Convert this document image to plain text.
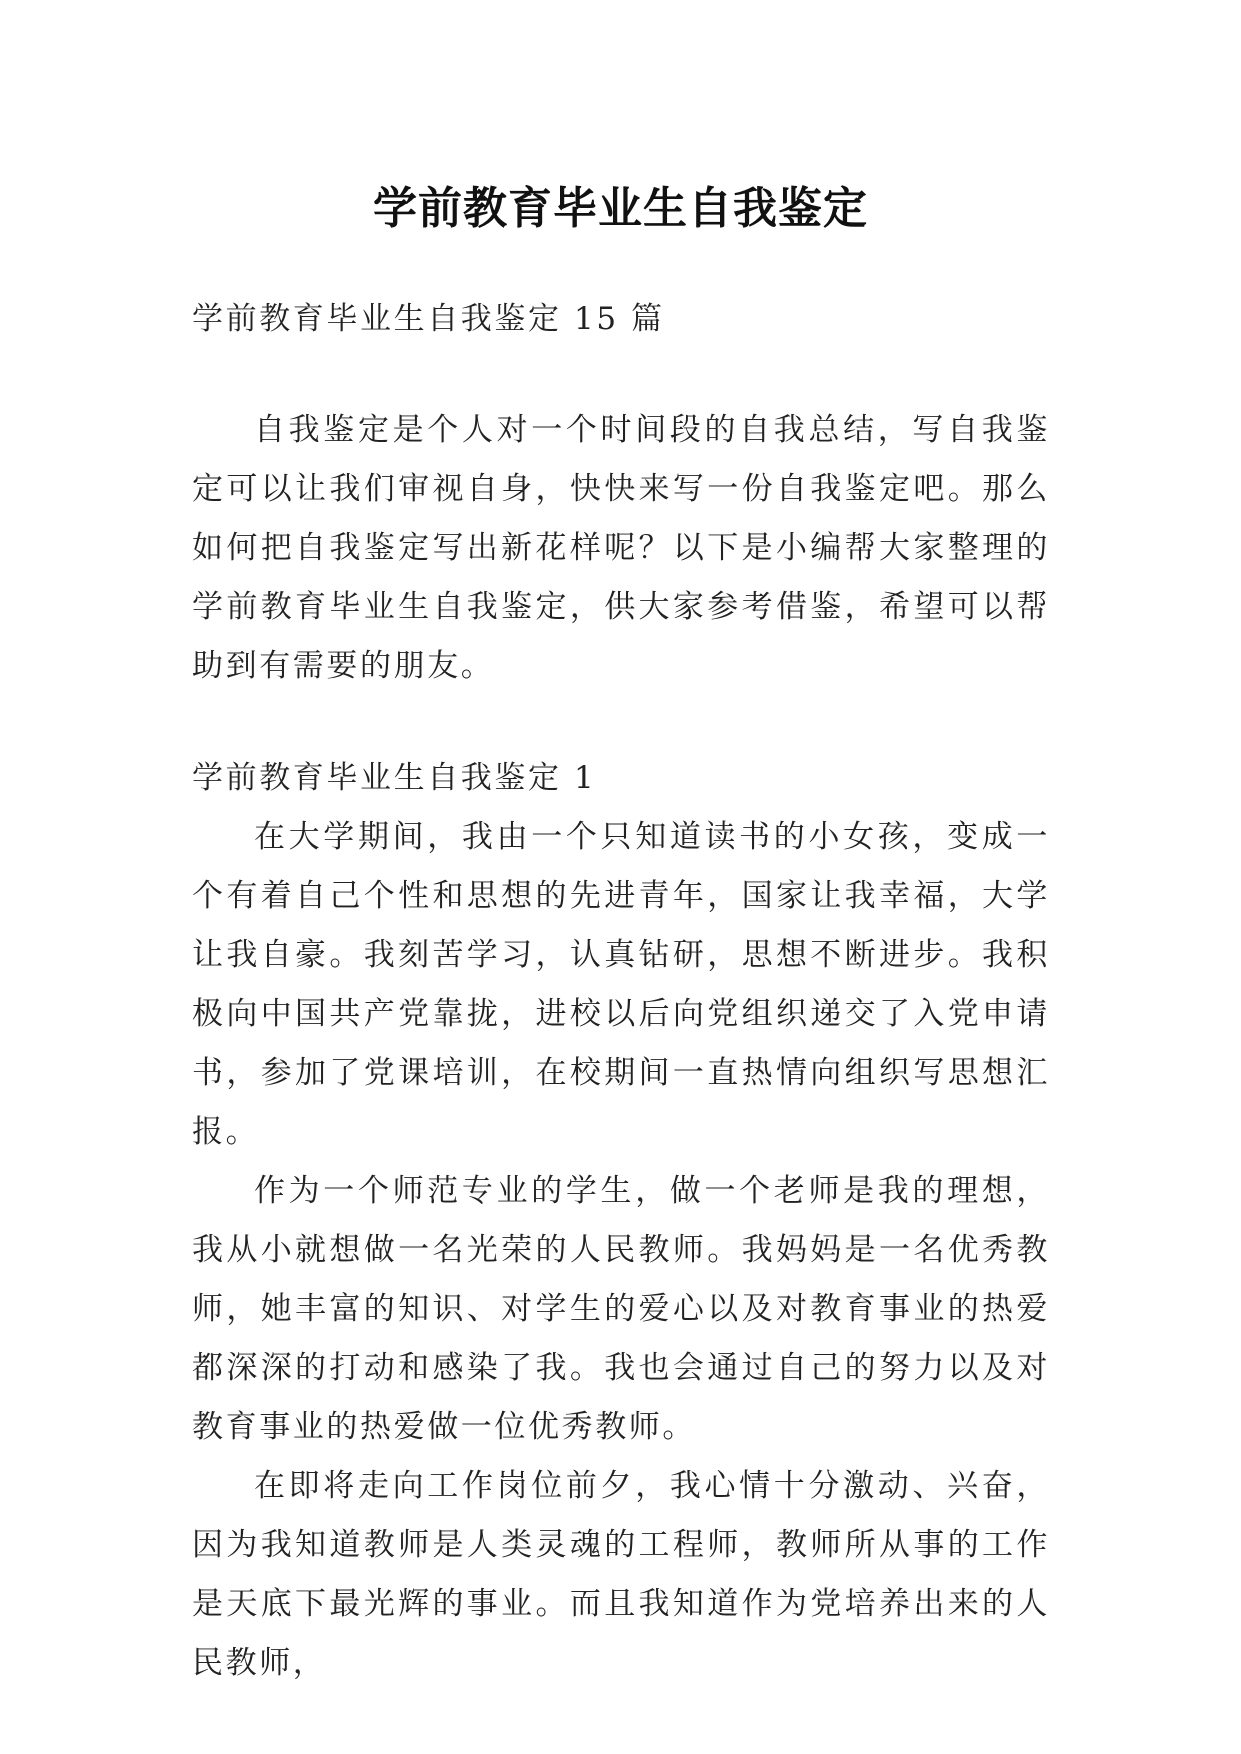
学前教育毕业生自我鉴定

学前教育毕业生自我鉴定 15 篇

自我鉴定是个人对一个时间段的自我总结，写自我鉴定可以让我们审视自身，快快来写一份自我鉴定吧。那么如何把自我鉴定写出新花样呢？以下是小编帮大家整理的学前教育毕业生自我鉴定，供大家参考借鉴，希望可以帮助到有需要的朋友。

学前教育毕业生自我鉴定 1

在大学期间，我由一个只知道读书的小女孩，变成一个有着自己个性和思想的先进青年，国家让我幸福，大学让我自豪。我刻苦学习，认真钻研，思想不断进步。我积极向中国共产党靠拢，进校以后向党组织递交了入党申请书，参加了党课培训，在校期间一直热情向组织写思想汇报。

作为一个师范专业的学生，做一个老师是我的理想，我从小就想做一名光荣的人民教师。我妈妈是一名优秀教师，她丰富的知识、对学生的爱心以及对教育事业的热爱都深深的打动和感染了我。我也会通过自己的努力以及对教育事业的热爱做一位优秀教师。

在即将走向工作岗位前夕，我心情十分激动、兴奋，因为我知道教师是人类灵魂的工程师，教师所从事的工作是天底下最光辉的事业。而且我知道作为党培养出来的人民教师，
